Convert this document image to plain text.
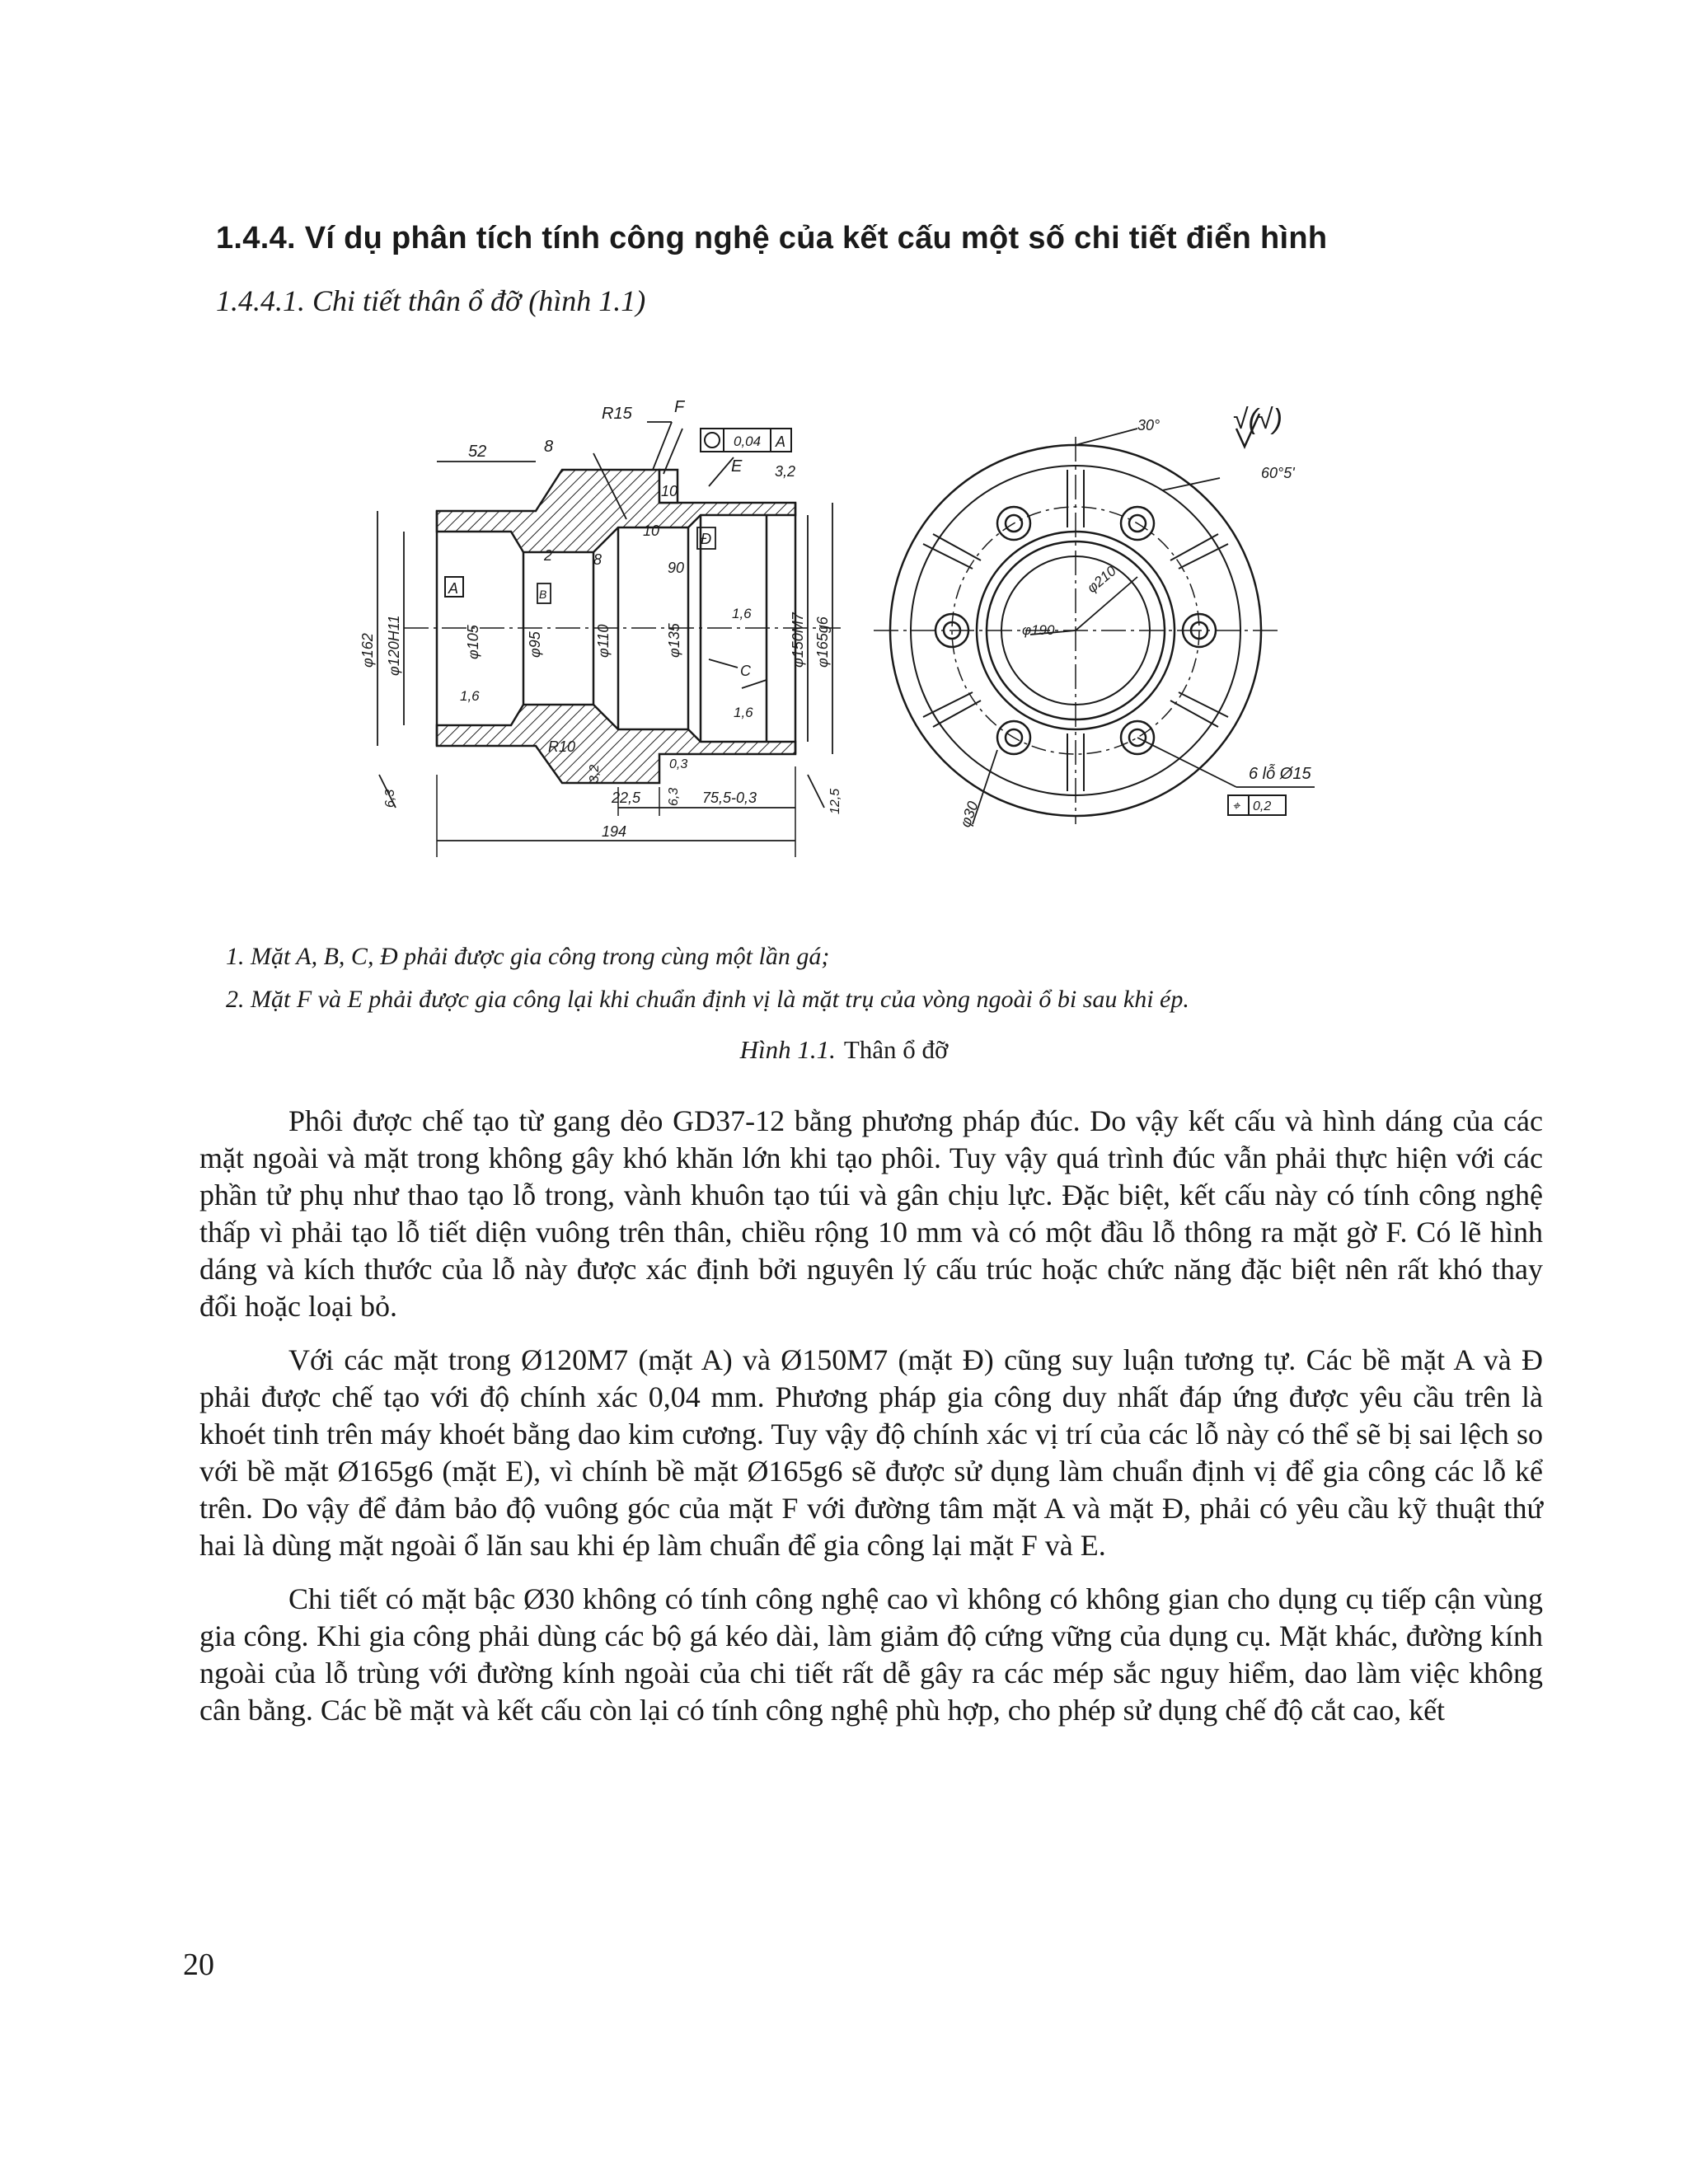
1.4.4. Ví dụ phân tích tính công nghệ của kết cấu một số chi tiết điển hình
1.4.4.1. Chi tiết thân ổ đỡ (hình 1.1)
R15	F
0,04 A
E 3,2
52	8
10
10
2	8	90
Đ
A	B
C
φ162 φ120H11	φ105	φ95	φ110	φ135	φ150M7 φ165g6
1,6
1,6
1,6
R10
3,2
0,3
6,3	6,3	12,5
22,5	75,5-0,3
194
√(√)
30°
60°5'
φ210
φ190
6 lỗ Ø15
⌖ 0,2
φ30
1. Mặt A, B, C, Đ phải được gia công trong cùng một lần gá;
2. Mặt F và E phải được gia công lại khi chuẩn định vị là mặt trụ của vòng ngoài ổ bi sau khi ép.
Hình 1.1. Thân ổ đỡ

Phôi được chế tạo từ gang dẻo GD37-12 bằng phương pháp đúc. Do vậy kết cấu và hình dáng của các mặt ngoài và mặt trong không gây khó khăn lớn khi tạo phôi. Tuy vậy quá trình đúc vẫn phải thực hiện với các phần tử phụ như thao tạo lỗ trong, vành khuôn tạo túi và gân chịu lực. Đặc biệt, kết cấu này có tính công nghệ thấp vì phải tạo lỗ tiết diện vuông trên thân, chiều rộng 10 mm và có một đầu lỗ thông ra mặt gờ F. Có lẽ hình dáng và kích thước của lỗ này được xác định bởi nguyên lý cấu trúc hoặc chức năng đặc biệt nên rất khó thay đổi hoặc loại bỏ.

Với các mặt trong Ø120M7 (mặt A) và Ø150M7 (mặt Đ) cũng suy luận tương tự. Các bề mặt A và Đ phải được chế tạo với độ chính xác 0,04 mm. Phương pháp gia công duy nhất đáp ứng được yêu cầu trên là khoét tinh trên máy khoét bằng dao kim cương. Tuy vậy độ chính xác vị trí của các lỗ này có thể sẽ bị sai lệch so với bề mặt Ø165g6 (mặt E), vì chính bề mặt Ø165g6 sẽ được sử dụng làm chuẩn định vị để gia công các lỗ kể trên. Do vậy để đảm bảo độ vuông góc của mặt F với đường tâm mặt A và mặt Đ, phải có yêu cầu kỹ thuật thứ hai là dùng mặt ngoài ổ lăn sau khi ép làm chuẩn để gia công lại mặt F và E.

Chi tiết có mặt bậc Ø30 không có tính công nghệ cao vì không có không gian cho dụng cụ tiếp cận vùng gia công. Khi gia công phải dùng các bộ gá kéo dài, làm giảm độ cứng vững của dụng cụ. Mặt khác, đường kính ngoài của lỗ trùng với đường kính ngoài của chi tiết rất dễ gây ra các mép sắc nguy hiểm, dao làm việc không cân bằng. Các bề mặt và kết cấu còn lại có tính công nghệ phù hợp, cho phép sử dụng chế độ cắt cao, kết

20
